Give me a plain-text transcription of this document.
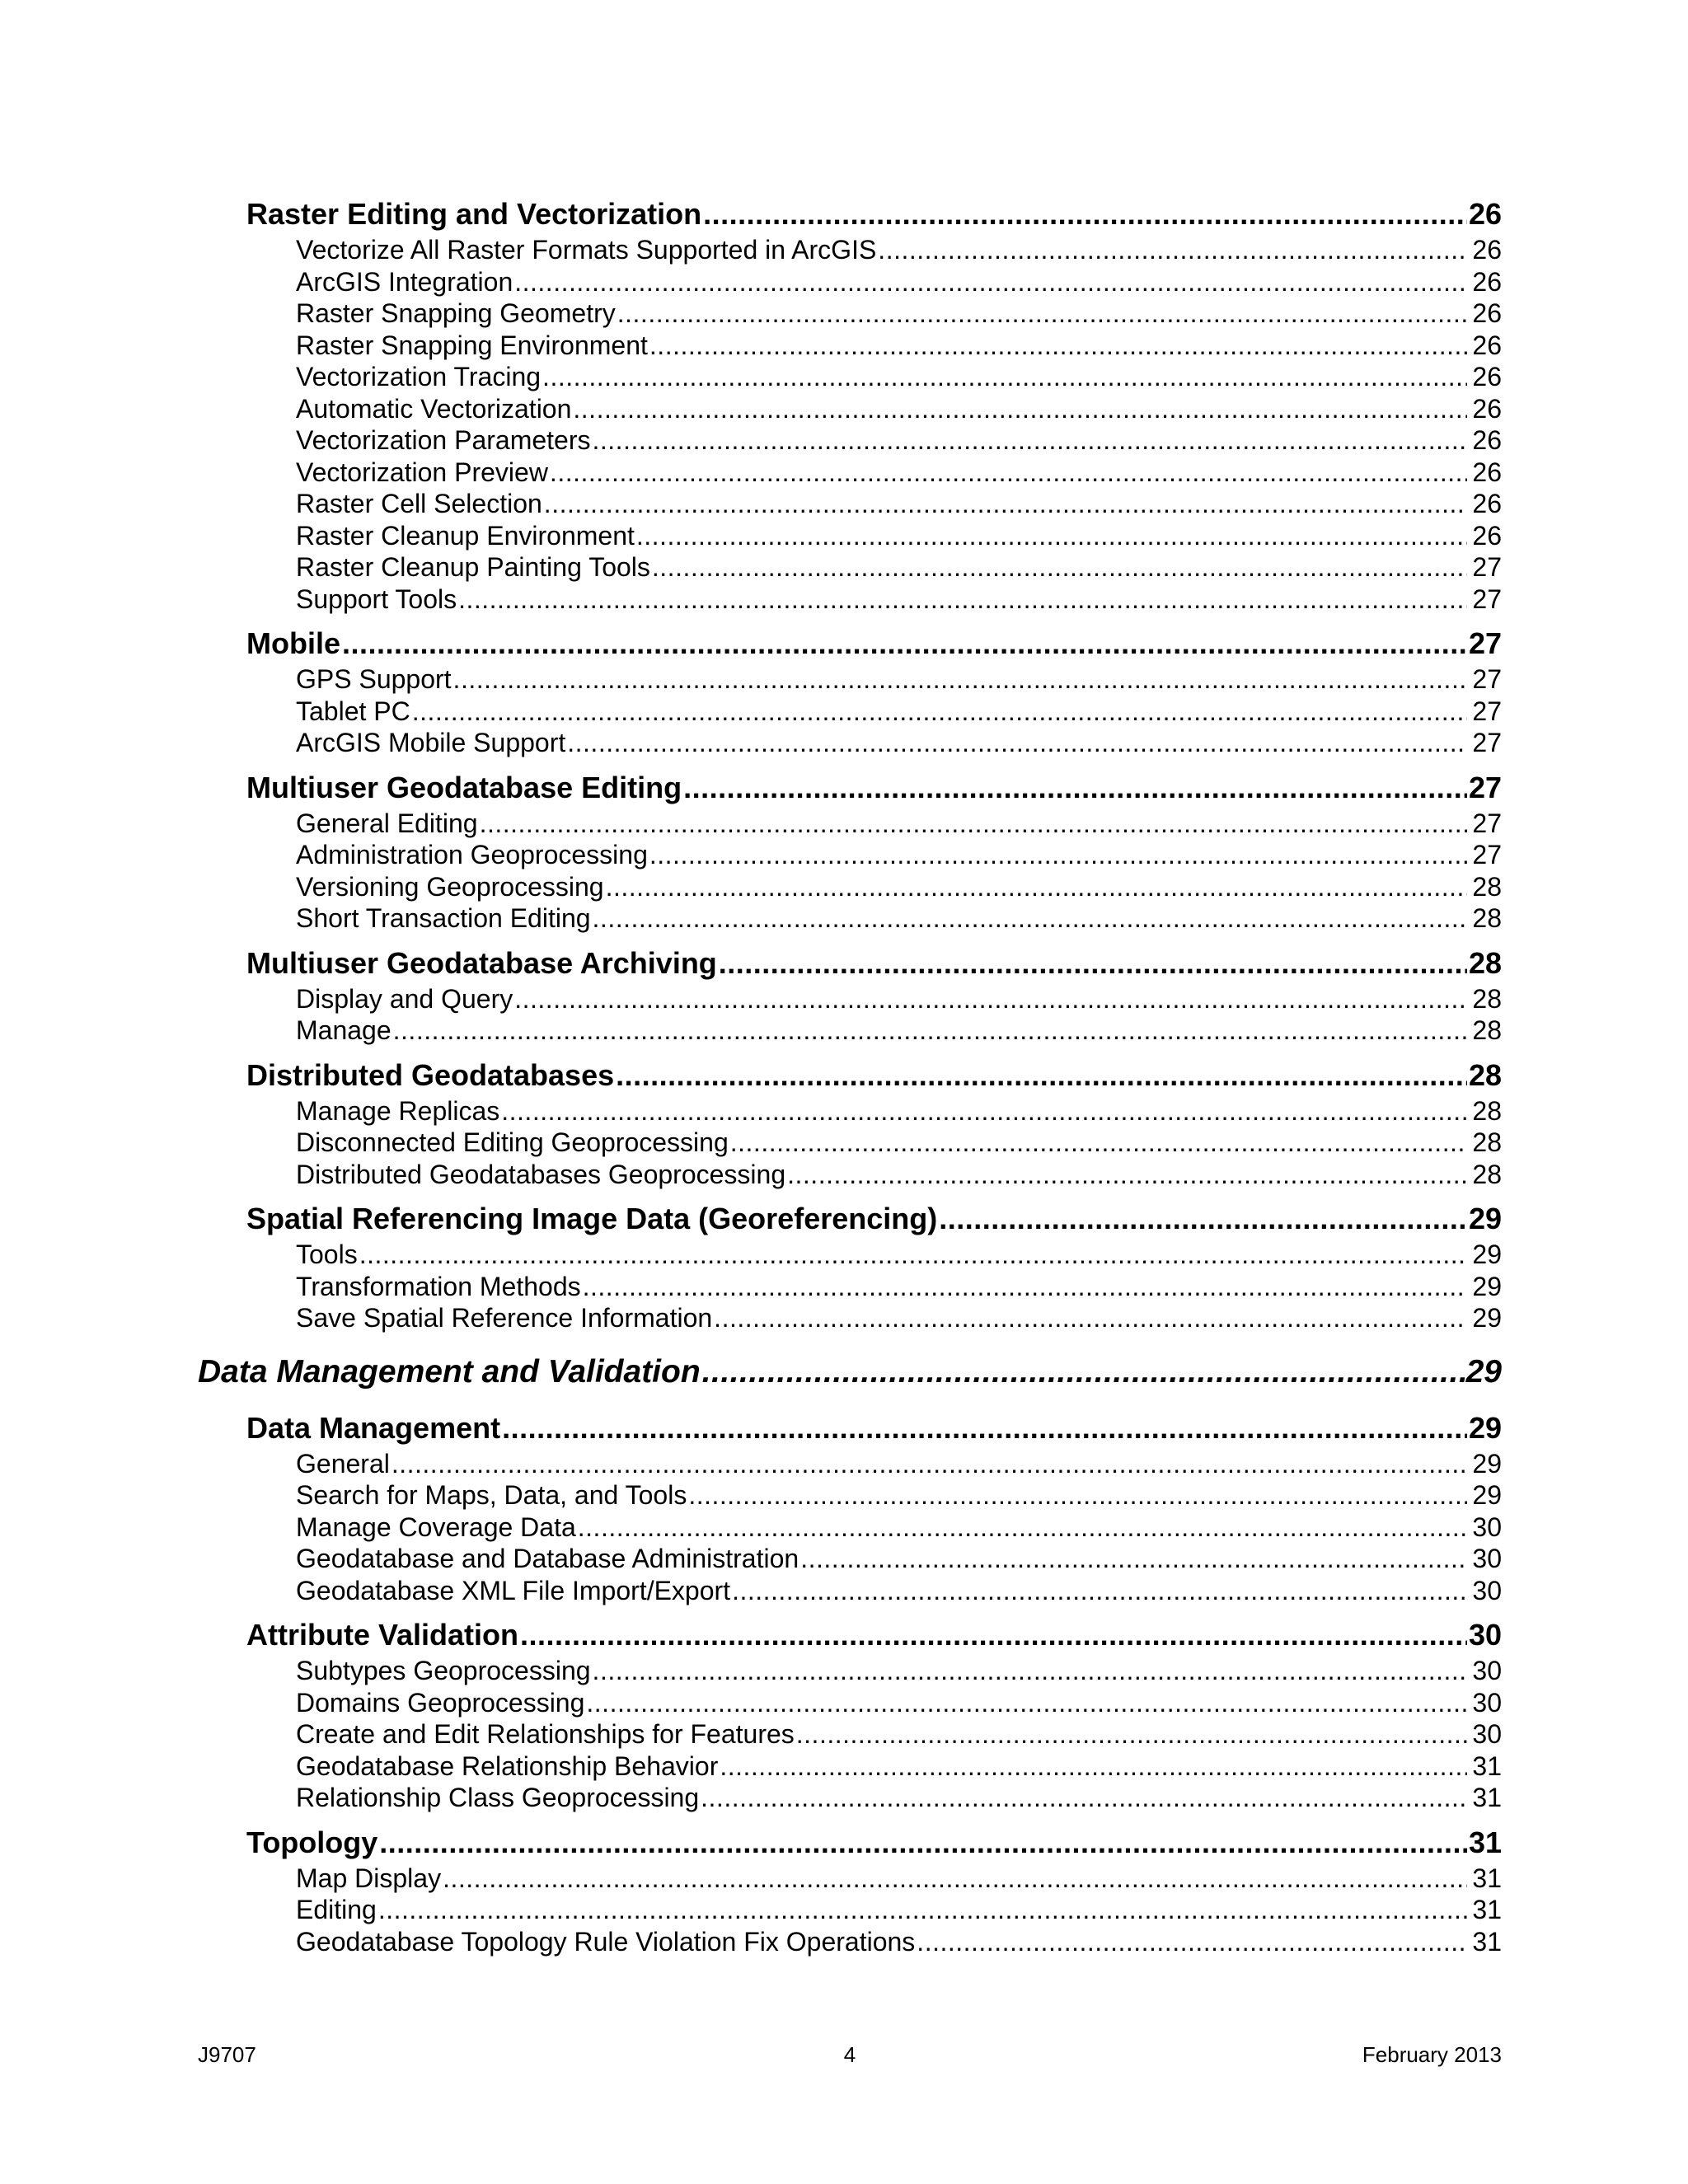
Raster Editing and Vectorization .....	26
Vectorize All Raster Formats Supported in ArcGIS .....	26
ArcGIS Integration .....	26
Raster Snapping Geometry .....	26
Raster Snapping Environment .....	26
Vectorization Tracing .....	26
Automatic Vectorization .....	26
Vectorization Parameters .....	26
Vectorization Preview .....	26
Raster Cell Selection .....	26
Raster Cleanup Environment .....	26
Raster Cleanup Painting Tools .....	27
Support Tools .....	27
Mobile .....	27
GPS Support .....	27
Tablet PC .....	27
ArcGIS Mobile Support .....	27
Multiuser Geodatabase Editing .....	27
General Editing .....	27
Administration Geoprocessing .....	27
Versioning Geoprocessing .....	28
Short Transaction Editing .....	28
Multiuser Geodatabase Archiving .....	28
Display and Query .....	28
Manage .....	28
Distributed Geodatabases .....	28
Manage Replicas .....	28
Disconnected Editing Geoprocessing .....	28
Distributed Geodatabases Geoprocessing .....	28
Spatial Referencing Image Data (Georeferencing) .....	29
Tools .....	29
Transformation Methods .....	29
Save Spatial Reference Information .....	29
Data Management and Validation .....	29
Data Management .....	29
General .....	29
Search for Maps, Data, and Tools .....	29
Manage Coverage Data .....	30
Geodatabase and Database Administration .....	30
Geodatabase XML File Import/Export .....	30
Attribute Validation .....	30
Subtypes Geoprocessing .....	30
Domains Geoprocessing .....	30
Create and Edit Relationships for Features .....	30
Geodatabase Relationship Behavior .....	31
Relationship Class Geoprocessing .....	31
Topology .....	31
Map Display .....	31
Editing .....	31
Geodatabase Topology Rule Violation Fix Operations .....	31
J9707	4	February 2013
